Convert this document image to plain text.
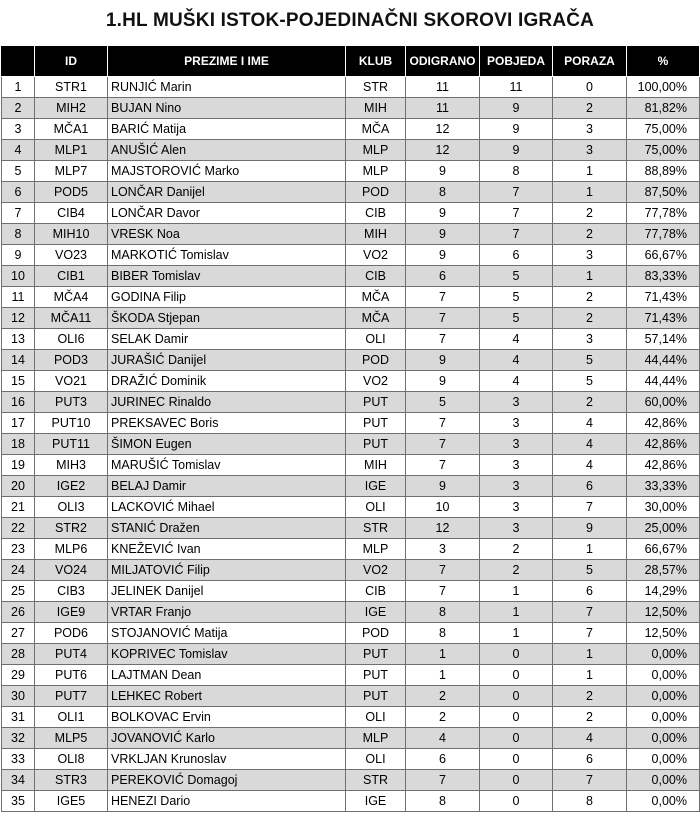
1.HL MUŠKI ISTOK-POJEDINAČNI SKOROVI IGRAČA
	ID	PREZIME I IME	KLUB	ODIGRANO	POBJEDA	PORAZA	%
1	STR1	RUNJIĆ Marin	STR	11	11	0	100,00%
2	MIH2	BUJAN Nino	MIH	11	9	2	81,82%
3	MČA1	BARIĆ Matija	MČA	12	9	3	75,00%
4	MLP1	ANUŠIĆ Alen	MLP	12	9	3	75,00%
5	MLP7	MAJSTOROVIĆ Marko	MLP	9	8	1	88,89%
6	POD5	LONČAR Danijel	POD	8	7	1	87,50%
7	CIB4	LONČAR Davor	CIB	9	7	2	77,78%
8	MIH10	VRESK Noa	MIH	9	7	2	77,78%
9	VO23	MARKOTIĆ Tomislav	VO2	9	6	3	66,67%
10	CIB1	BIBER Tomislav	CIB	6	5	1	83,33%
11	MČA4	GODINA Filip	MČA	7	5	2	71,43%
12	MČA11	ŠKODA Stjepan	MČA	7	5	2	71,43%
13	OLI6	SELAK Damir	OLI	7	4	3	57,14%
14	POD3	JURAŠIĆ Danijel	POD	9	4	5	44,44%
15	VO21	DRAŽIĆ Dominik	VO2	9	4	5	44,44%
16	PUT3	JURINEC Rinaldo	PUT	5	3	2	60,00%
17	PUT10	PREKSAVEC Boris	PUT	7	3	4	42,86%
18	PUT11	ŠIMON Eugen	PUT	7	3	4	42,86%
19	MIH3	MARUŠIĆ Tomislav	MIH	7	3	4	42,86%
20	IGE2	BELAJ Damir	IGE	9	3	6	33,33%
21	OLI3	LACKOVIĆ Mihael	OLI	10	3	7	30,00%
22	STR2	STANIĆ Dražen	STR	12	3	9	25,00%
23	MLP6	KNEŽEVIĆ Ivan	MLP	3	2	1	66,67%
24	VO24	MILJATOVIĆ Filip	VO2	7	2	5	28,57%
25	CIB3	JELINEK Danijel	CIB	7	1	6	14,29%
26	IGE9	VRTAR Franjo	IGE	8	1	7	12,50%
27	POD6	STOJANOVIĆ Matija	POD	8	1	7	12,50%
28	PUT4	KOPRIVEC Tomislav	PUT	1	0	1	0,00%
29	PUT6	LAJTMAN Dean	PUT	1	0	1	0,00%
30	PUT7	LEHKEC Robert	PUT	2	0	2	0,00%
31	OLI1	BOLKOVAC Ervin	OLI	2	0	2	0,00%
32	MLP5	JOVANOVIĆ Karlo	MLP	4	0	4	0,00%
33	OLI8	VRKLJAN Krunoslav	OLI	6	0	6	0,00%
34	STR3	PEREKOVIĆ Domagoj	STR	7	0	7	0,00%
35	IGE5	HENEZI Dario	IGE	8	0	8	0,00%
